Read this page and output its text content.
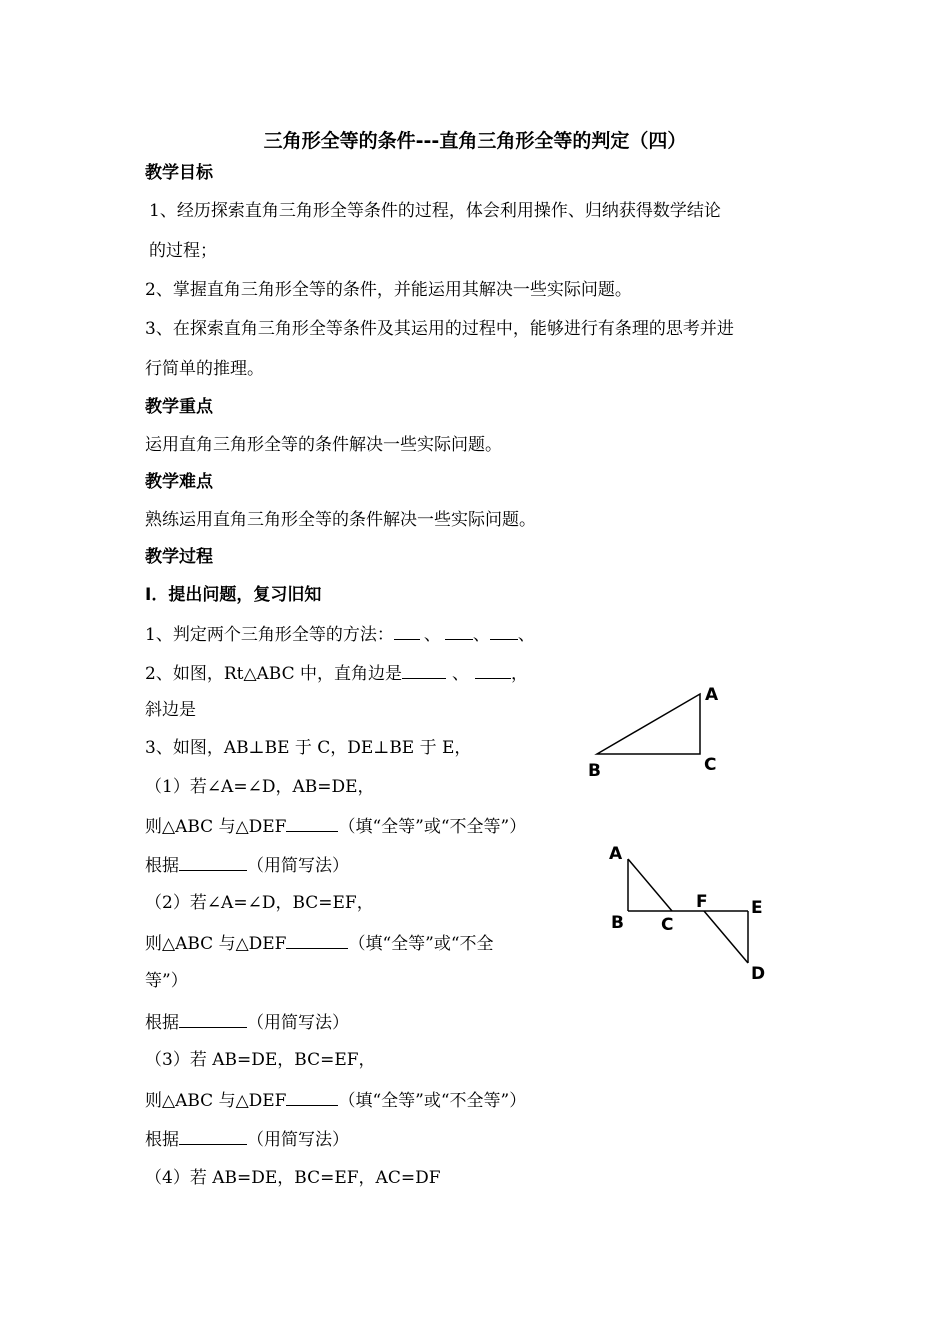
三角形全等的条件---直角三角形全等的判定（四）
教学目标
1、经历探索直角三角形全等条件的过程，体会利用操作、归纳获得数学结论
的过程；
2、掌握直角三角形全等的条件，并能运用其解决一些实际问题。
3、在探索直角三角形全等条件及其运用的过程中，能够进行有条理的思考并进
行简单的推理。
教学重点
运用直角三角形全等的条件解决一些实际问题。
教学难点
熟练运用直角三角形全等的条件解决一些实际问题。
教学过程
Ⅰ．提出问题，复习旧知
1、判定两个三角形全等的方法： 、 、 、
2、如图，Rt△ABC 中，直角边是	、 ，
斜边是
3、如图，AB⊥BE 于 C，DE⊥BE 于 E，
（1）若∠A=∠D，AB=DE，
则△ABC 与△DEF	（填“全等”或“不全等”）
根据	（用简写法）
（2）若∠A=∠D，BC=EF，
则△ABC 与△DEF	（填“全等”或“不全
等”）
根据	（用简写法）
（3）若 AB=DE，BC=EF，
则△ABC 与△DEF	（填“全等”或“不全等”）
根据	（用简写法）
（4）若 AB=DE，BC=EF，AC=DF
A
B	C
A
B C
F	E
D
